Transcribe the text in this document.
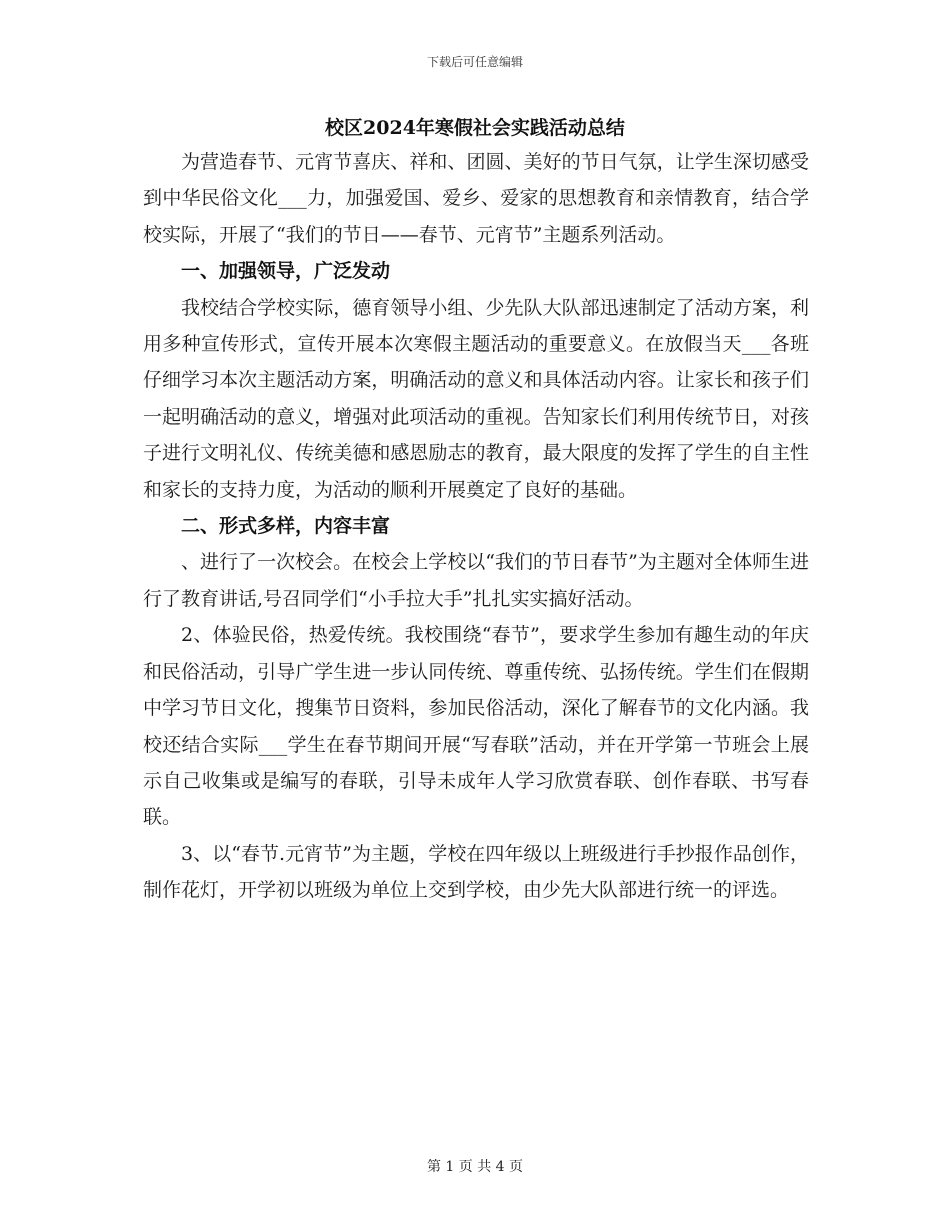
下载后可任意编辑
校区2024年寒假社会实践活动总结

为营造春节、元宵节喜庆、祥和、团圆、美好的节日气氛，让学生深切感受到中华民俗文化___力，加强爱国、爱乡、爱家的思想教育和亲情教育，结合学校实际，开展了“我们的节日——春节、元宵节”主题系列活动。

一、加强领导，广泛发动

我校结合学校实际，德育领导小组、少先队大队部迅速制定了活动方案，利用多种宣传形式，宣传开展本次寒假主题活动的重要意义。在放假当天___各班仔细学习本次主题活动方案，明确活动的意义和具体活动内容。让家长和孩子们一起明确活动的意义，增强对此项活动的重视。告知家长们利用传统节日，对孩子进行文明礼仪、传统美德和感恩励志的教育，最大限度的发挥了学生的自主性和家长的支持力度，为活动的顺利开展奠定了良好的基础。

二、形式多样，内容丰富

、进行了一次校会。在校会上学校以“我们的节日春节”为主题对全体师生进行了教育讲话,号召同学们“小手拉大手”扎扎实实搞好活动。

2、体验民俗，热爱传统。我校围绕“春节”，要求学生参加有趣生动的年庆和民俗活动，引导广学生进一步认同传统、尊重传统、弘扬传统。学生们在假期中学习节日文化，搜集节日资料，参加民俗活动，深化了解春节的文化内涵。我校还结合实际___学生在春节期间开展“写春联”活动，并在开学第一节班会上展示自己收集或是编写的春联，引导未成年人学习欣赏春联、创作春联、书写春联。

3、以“春节.元宵节”为主题，学校在四年级以上班级进行手抄报作品创作，制作花灯，开学初以班级为单位上交到学校，由少先大队部进行统一的评选。

第 1 页 共 4 页
